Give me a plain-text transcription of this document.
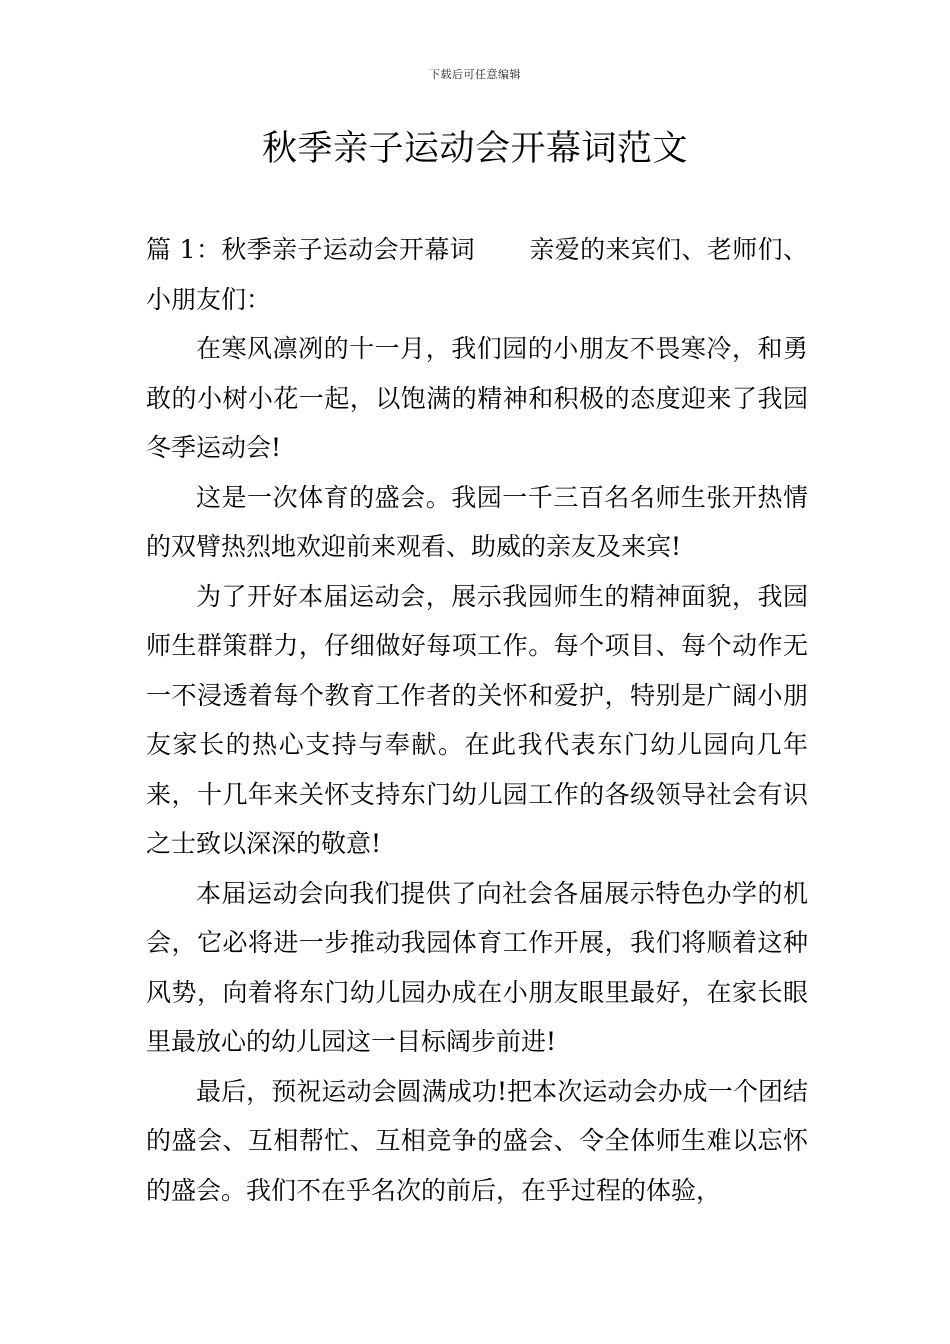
下载后可任意编辑
秋季亲子运动会开幕词范文

篇 1：秋季亲子运动会开幕词 亲爱的来宾们、老师们、小朋友们：

在寒风凛冽的十一月，我们园的小朋友不畏寒冷，和勇敢的小树小花一起，以饱满的精神和积极的态度迎来了我园冬季运动会!

这是一次体育的盛会。我园一千三百名名师生张开热情的双臂热烈地欢迎前来观看、助威的亲友及来宾!

为了开好本届运动会，展示我园师生的精神面貌，我园师生群策群力，仔细做好每项工作。每个项目、每个动作无一不浸透着每个教育工作者的关怀和爱护，特别是广阔小朋友家长的热心支持与奉献。在此我代表东门幼儿园向几年来，十几年来关怀支持东门幼儿园工作的各级领导社会有识之士致以深深的敬意!

本届运动会向我们提供了向社会各届展示特色办学的机会，它必将进一步推动我园体育工作开展，我们将顺着这种风势，向着将东门幼儿园办成在小朋友眼里最好，在家长眼里最放心的幼儿园这一目标阔步前进!

最后，预祝运动会圆满成功!把本次运动会办成一个团结的盛会、互相帮忙、互相竞争的盛会、令全体师生难以忘怀的盛会。我们不在乎名次的前后，在乎过程的体验，
